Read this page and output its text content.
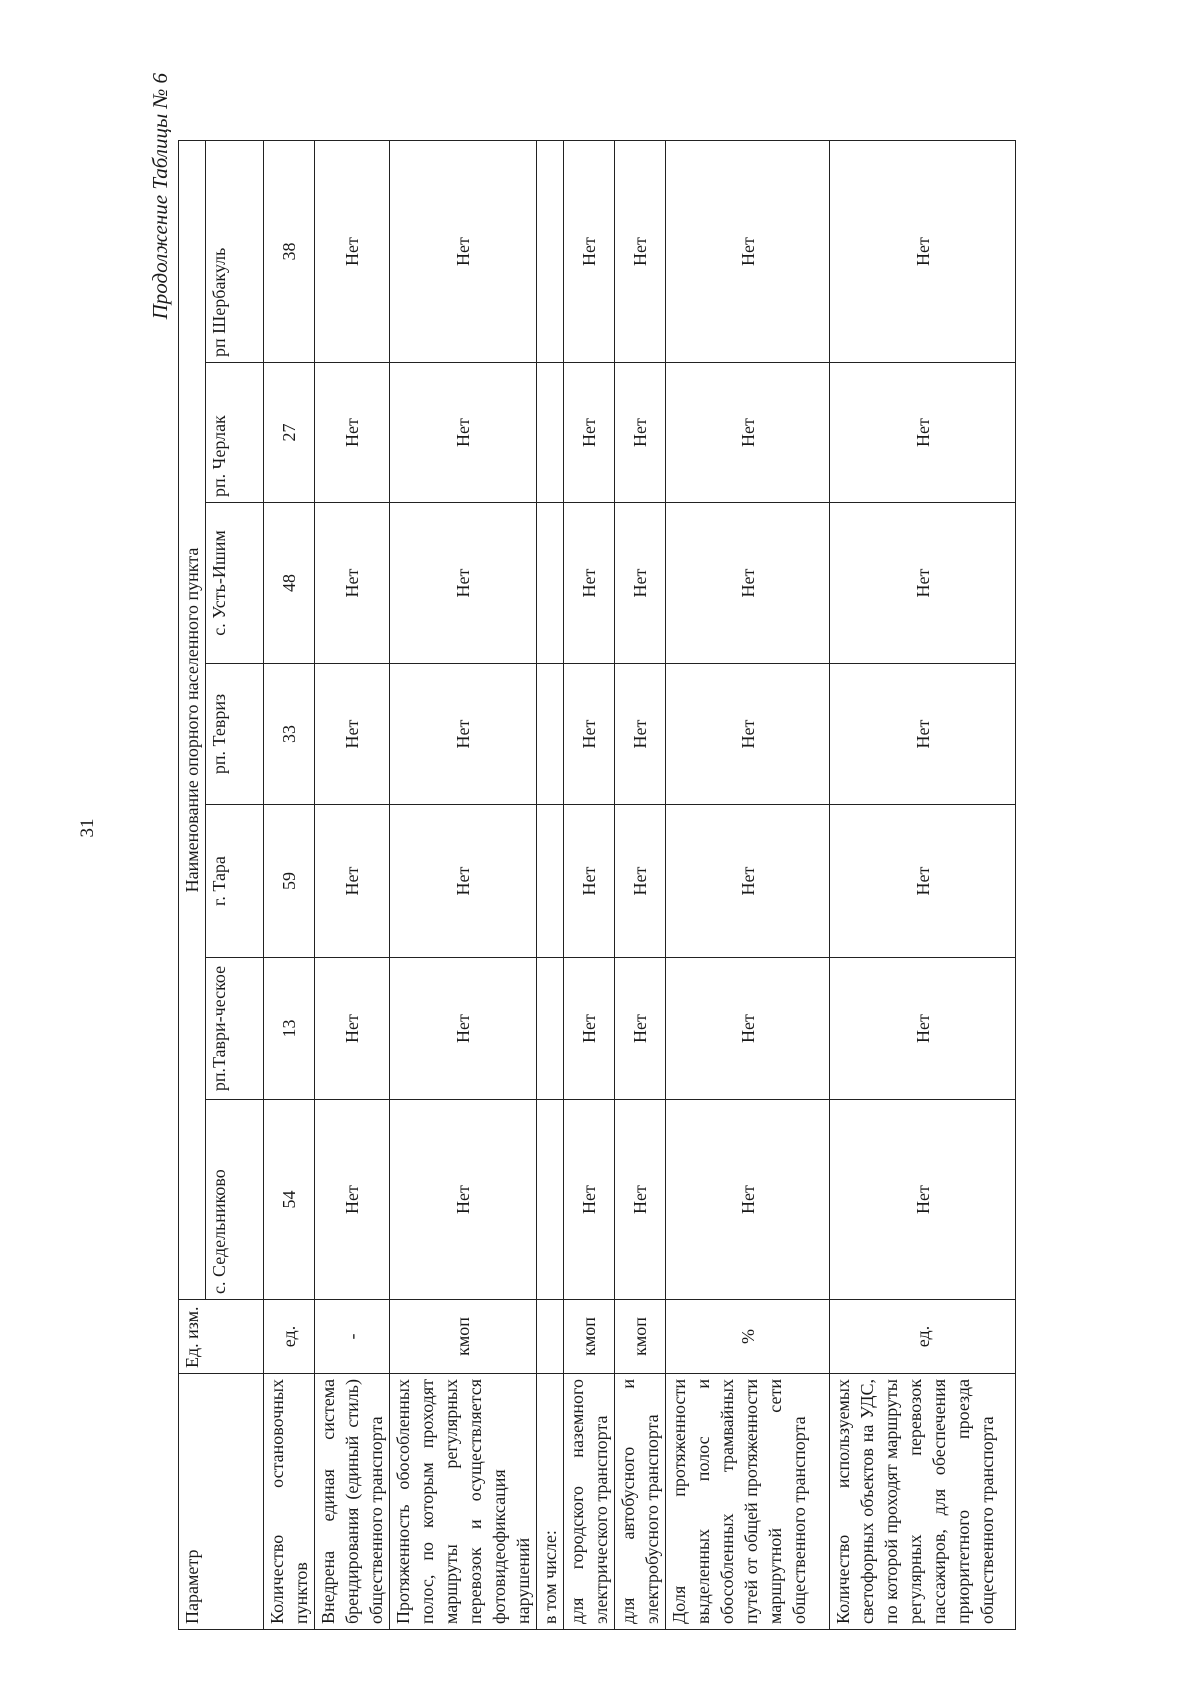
31
Продолжение Таблицы № 6
Параметр	Ед. изм.	Наименование опорного населенного пункта						
		с. Седельниково	рп.Таври-ческое	г. Тара	рп. Тевриз	с. Усть-Ишим	рп. Черлак	рп Шербакуль
Количество остановочных пунктов	ед.	54	13	59	33	48	27	38
Внедрена единая система брендирования (единый стиль) общественного транспорта	-	Нет	Нет	Нет	Нет	Нет	Нет	Нет
Протяженность обособленных полос, по которым проходят маршруты регулярных перевозок и осуществляется фотовидеофиксация нарушений	кмоп	Нет	Нет	Нет	Нет	Нет	Нет	Нет
в том числе:								
для городского наземного электрического транспорта	кмоп	Нет	Нет	Нет	Нет	Нет	Нет	Нет
для автобусного и электробусного транспорта	кмоп	Нет	Нет	Нет	Нет	Нет	Нет	Нет
Доля протяженности выделенных полос и обособленных трамвайных путей от общей протяженности маршрутной сети общественного транспорта	%	Нет	Нет	Нет	Нет	Нет	Нет	Нет
Количество используемых светофорных объектов на УДС, по которой проходят маршруты регулярных перевозок пассажиров, для обеспечения приоритетного проезда общественного транспорта	ед.	Нет	Нет	Нет	Нет	Нет	Нет	Нет
